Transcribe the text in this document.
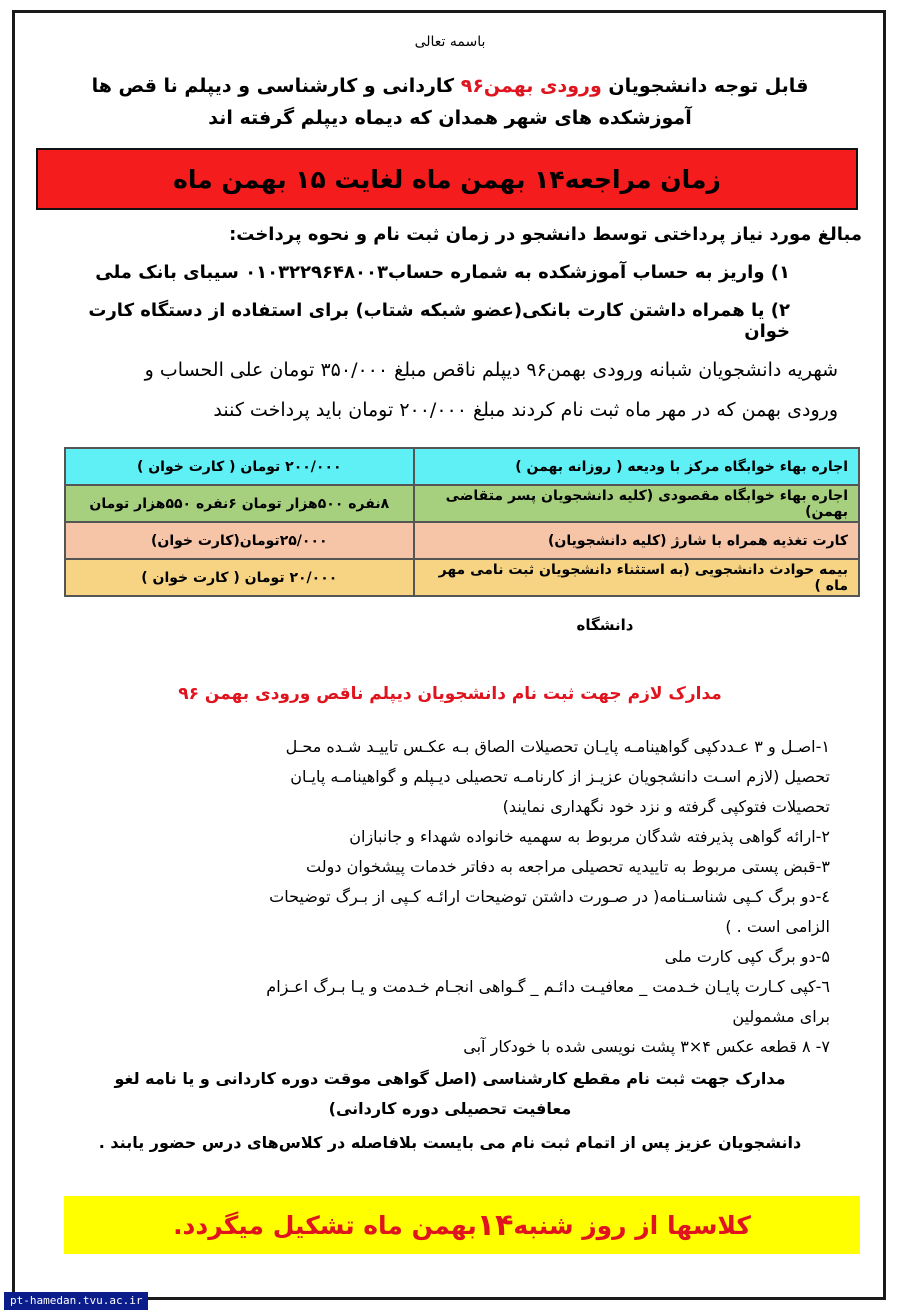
باسمه تعالی
قابل توجه دانشجویان ورودی بهمن۹۶ کاردانی و کارشناسی و دیپلم نا قص ها
آموزشکده های شهر همدان که دیماه دیپلم گرفته اند
زمان مراجعه۱۴ بهمن ماه لغایت ۱۵ بهمن ماه
مبالغ مورد نیاز پرداختی توسط دانشجو در زمان ثبت نام و نحوه پرداخت:
۱) واریز به حساب آموزشکده به شماره حساب۰۱۰۳۲۲۹۶۴۸۰۰۳ سیبای بانک ملی
۲) یا همراه داشتن کارت بانکی(عضو شبکه شتاب) برای استفاده از دستگاه کارت خوان
شهریه دانشجویان شبانه ورودی بهمن۹۶ دیپلم ناقص مبلغ ۳۵۰/۰۰۰ تومان علی الحساب و
ورودی بهمن که در مهر ماه ثبت نام کردند مبلغ ۲۰۰/۰۰۰ تومان باید پرداخت کنند
۲۰۰/۰۰۰ تومان ( کارت خوان )	اجاره بهاء خوابگاه مرکز با ودیعه ( روزانه بهمن )
۸نفره ۵۰۰هزار تومان ۶نفره ۵۵۰هزار تومان	اجاره بهاء خوابگاه مقصودی (کلیه دانشجویان پسر متقاضی بهمن)
۲۵/۰۰۰تومان(کارت خوان)	کارت تغذیه همراه با شارژ (کلیه دانشجویان)
۲۰/۰۰۰ تومان ( کارت خوان )	بیمه حوادث دانشجویی (به استثناء دانشجویان ثبت نامی مهر ماه )
دانشگاه
مدارک لازم جهت ثبت نام دانشجویان دیپلم ناقص ورودی بهمن ۹۶

۱-اصـل و ۳ عـددکپی گواهینامـه پایـان تحصیلات الصاق بـه عکـس تاییـد شـده محـل

تحصیل (لازم اسـت دانشجویان عزیـز از کارنامـه تحصیلی دیـپلم و گواهینامـه پایـان

تحصیلات فتوکپی گرفته و نزد خود نگهداری نمایند)

۲-ارائه گواهی پذیرفته شدگان مربوط به سهمیه خانواده شهداء و جانبازان

۳-قبض پستی مربوط به تاییدیه تحصیلی مراجعه به دفاتر خدمات پیشخوان دولت

٤-دو برگ کـپی شناسـنامه( در صـورت داشتن توضیحات ارائـه کـپی از بـرگ توضیحات

الزامی است . )

۵-دو برگ کپی کارت ملی

٦-کپی کـارت پایـان خـدمت _ معافیـت دائـم _ گـواهی انجـام خـدمت و یـا بـرگ اعـزام

برای مشمولین

۷- ۸ قطعه عکس ۴×۳ پشت نویسی شده با خودکار آبی

مدارک جهت ثبت نام مقطع کارشناسی (اصل گواهی موقت دوره کاردانی و یا نامه لغو

معافیت تحصیلی دوره کاردانی)

دانشجویان عزیز پس از اتمام ثبت نام می بایست بلافاصله در کلاس‌های درس حضور یابند .

کلاسها از روز شنبه
۱۴
بهمن ماه تشکیل میگردد.
pt-hamedan.tvu.ac.ir
